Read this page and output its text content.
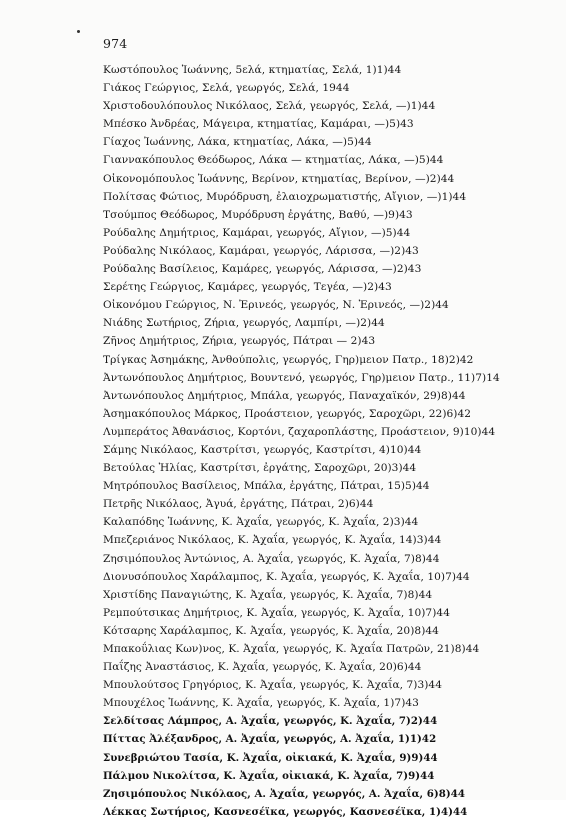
974
Κωστόπουλος Ἰωάννης, 5ελά, κτηματίας, Σελά, 1)1)44
Γιάκος Γεώργιος, Σελά, γεωργός, Σελά, 1944
Χριστοδουλόπουλος Νικόλαος, Σελά, γεωργός, Σελά, —)1)44
Μπέσκο Ἀνδρέας, Μάγειρα, κτηματίας, Καμάραι, —)5)43
Γίαχος Ἰωάννης, Λάκα, κτηματίας, Λάκα, —)5)44
Γιαννακόπουλος Θεόδωρος, Λάκα — κτηματίας, Λάκα, —)5)44
Οἰκονομόπουλος Ἰωάννης, Βερίνον, κτηματίας, Βερίνον, —)2)44
Πολίτσας Φώτιος, Μυρόδρυση, ἐλαιοχρωματιστής, Αἴγιον, —)1)44
Τσούμπος Θεόδωρος, Μυρόδρυση ἐργάτης, Βαθύ, —)9)43
Ρούδαλης Δημήτριος, Καμάραι, γεωργός, Αἴγιον, —)5)44
Ρούδαλης Νικόλαος, Καμάραι, γεωργός, Λάρισσα, —)2)43
Ρούδαλης Βασίλειος, Καμάρες, γεωργός, Λάρισσα, —)2)43
Σερέτης Γεώργιος, Καμάρες, γεωργός, Τεγέα, —)2)43
Οἰκονόμου Γεώργιος, Ν. Ἐρινεός, γεωργός, Ν. Ἐρινεός, —)2)44
Νιάδης Σωτήριος, Ζήρια, γεωργός, Λαμπίρι, —)2)44
Ζῆνος Δημήτριος, Ζήρια, γεωργός, Πάτραι — 2)43
Τρίγκας Ἀσημάκης, Ἀνθούπολις, γεωργός, Γηρ)μειον Πατρ., 18)2)42
Ἀντωνόπουλος Δημήτριος, Βουντενό, γεωργός, Γηρ)μειον Πατρ., 11)7)14
Ἀντωνόπουλος Δημήτριος, Μπάλα, γεωργός, Παναχαϊκόν, 29)8)44
Ἀσημακόπουλος Μάρκος, Προάστειον, γεωργός, Σαροχῶρι, 22)6)42
Λυμπεράτος Ἀθανάσιος, Κορτόνι, ζαχαροπλάστης, Προάστειον, 9)10)44
Σάμης Νικόλαος, Καστρίτσι, γεωργός, Καστρίτσι, 4)10)44
Βετούλας Ἠλίας, Καστρίτσι, ἐργάτης, Σαροχῶρι, 20)3)44
Μητρόπουλος Βασίλειος, Μπάλα, ἐργάτης, Πάτραι, 15)5)44
Πετρῆς Νικόλαος, Ἀγυά, ἐργάτης, Πάτραι, 2)6)44
Καλαπόδης Ἰωάννης, Κ. Ἀχαΐα, γεωργός, Κ. Ἀχαΐα, 2)3)44
Μπεζεριάνος Νικόλαος, Κ. Ἀχαΐα, γεωργός, Κ. Ἀχαΐα, 14)3)44
Ζησιμόπουλος Ἀντώνιος, Α. Ἀχαΐα, γεωργός, Κ. Ἀχαΐα, 7)8)44
Διονυσόπουλος Χαράλαμπος, Κ. Ἀχαΐα, γεωργός, Κ. Ἀχαΐα, 10)7)44
Χριστίδης Παναγιώτης, Κ. Ἀχαΐα, γεωργός, Κ. Ἀχαΐα, 7)8)44
Ρεμπούτσικας Δημήτριος, Κ. Ἀχαΐα, γεωργός, Κ. Ἀχαΐα, 10)7)44
Κότσαρης Χαράλαμπος, Κ. Ἀχαΐα, γεωργός, Κ. Ἀχαΐα, 20)8)44
Μπακοΰλιας Κων)νος, Κ. Ἀχαΐα, γεωργός, Κ. Ἀχαΐα Πατρῶν, 21)8)44
Παΐζης Ἀναστάσιος, Κ. Ἀχαΐα, γεωργός, Κ. Ἀχαΐα, 20)6)44
Μπουλούτσος Γρηγόριος, Κ. Ἀχαΐα, γεωργός, Κ. Ἀχαΐα, 7)3)44
Μπουχέλος Ἰωάννης, Κ. Ἀχαΐα, γεωργός, Κ. Ἀχαΐα, 1)7)43
Σελδίτσας Λάμπρος, Α. Ἀχαΐα, γεωργός, Κ. Ἀχαΐα, 7)2)44
Πίττας Ἀλέξανδρος, Α. Ἀχαΐα, γεωργός, Α. Ἀχαΐα, 1)1)42
Συνεβριώτου Τασία, Κ. Ἀχαΐα, οἰκιακά, Κ. Ἀχαΐα, 9)9)44
Πάλμου Νικολίτσα, Κ. Ἀχαΐα, οἰκιακά, Κ. Ἀχαΐα, 7)9)44
Ζησιμόπουλος Νικόλαος, Α. Ἀχαΐα, γεωργός, Α. Ἀχαΐα, 6)8)44
Λέκκας Σωτήριος, Κασνεσέϊκα, γεωργός, Κασνεσέϊκα, 1)4)44
